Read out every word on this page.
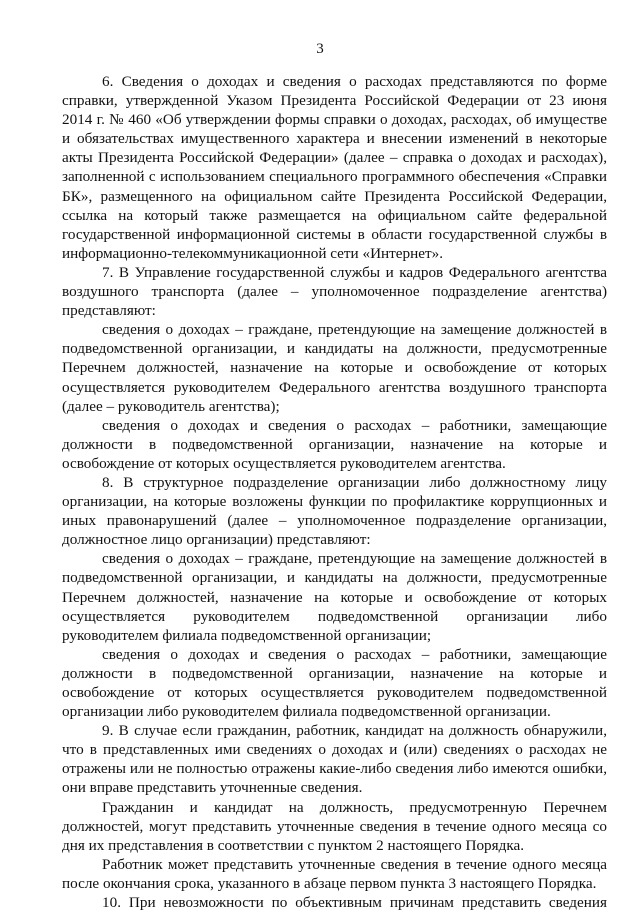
3

6. Сведения о доходах и сведения о расходах представляются по форме справки, утвержденной Указом Президента Российской Федерации от 23 июня 2014 г. № 460 «Об утверждении формы справки о доходах, расходах, об имуществе и обязательствах имущественного характера и внесении изменений в некоторые акты Президента Российской Федерации» (далее – справка о доходах и расходах), заполненной с использованием специального программного обеспечения «Справки БК», размещенного на официальном сайте Президента Российской Федерации, ссылка на который также размещается на официальном сайте федеральной государственной информационной системы в области государственной службы в информационно-телекоммуникационной сети «Интернет».

7. В Управление государственной службы и кадров Федерального агентства воздушного транспорта (далее – уполномоченное подразделение агентства) представляют:

сведения о доходах – граждане, претендующие на замещение должностей в подведомственной организации, и кандидаты на должности, предусмотренные Перечнем должностей, назначение на которые и освобождение от которых осуществляется руководителем Федерального агентства воздушного транспорта (далее – руководитель агентства);

сведения о доходах и сведения о расходах – работники, замещающие должности в подведомственной организации, назначение на которые и освобождение от которых осуществляется руководителем агентства.

8. В структурное подразделение организации либо должностному лицу организации, на которые возложены функции по профилактике коррупционных и иных правонарушений (далее – уполномоченное подразделение организации, должностное лицо организации) представляют:

сведения о доходах – граждане, претендующие на замещение должностей в подведомственной организации, и кандидаты на должности, предусмотренные Перечнем должностей, назначение на которые и освобождение от которых осуществляется руководителем подведомственной организации либо руководителем филиала подведомственной организации;

сведения о доходах и сведения о расходах – работники, замещающие должности в подведомственной организации, назначение на которые и освобождение от которых осуществляется руководителем подведомственной организации либо руководителем филиала подведомственной организации.

9. В случае если гражданин, работник, кандидат на должность обнаружили, что в представленных ими сведениях о доходах и (или) сведениях о расходах не отражены или не полностью отражены какие-либо сведения либо имеются ошибки, они вправе представить уточненные сведения.

Гражданин и кандидат на должность, предусмотренную Перечнем должностей, могут представить уточненные сведения в течение одного месяца со дня их представления в соответствии с пунктом 2 настоящего Порядка.

Работник может представить уточненные сведения в течение одного месяца после окончания срока, указанного в абзаце первом пункта 3 настоящего Порядка.

10. При невозможности по объективным причинам представить сведения
